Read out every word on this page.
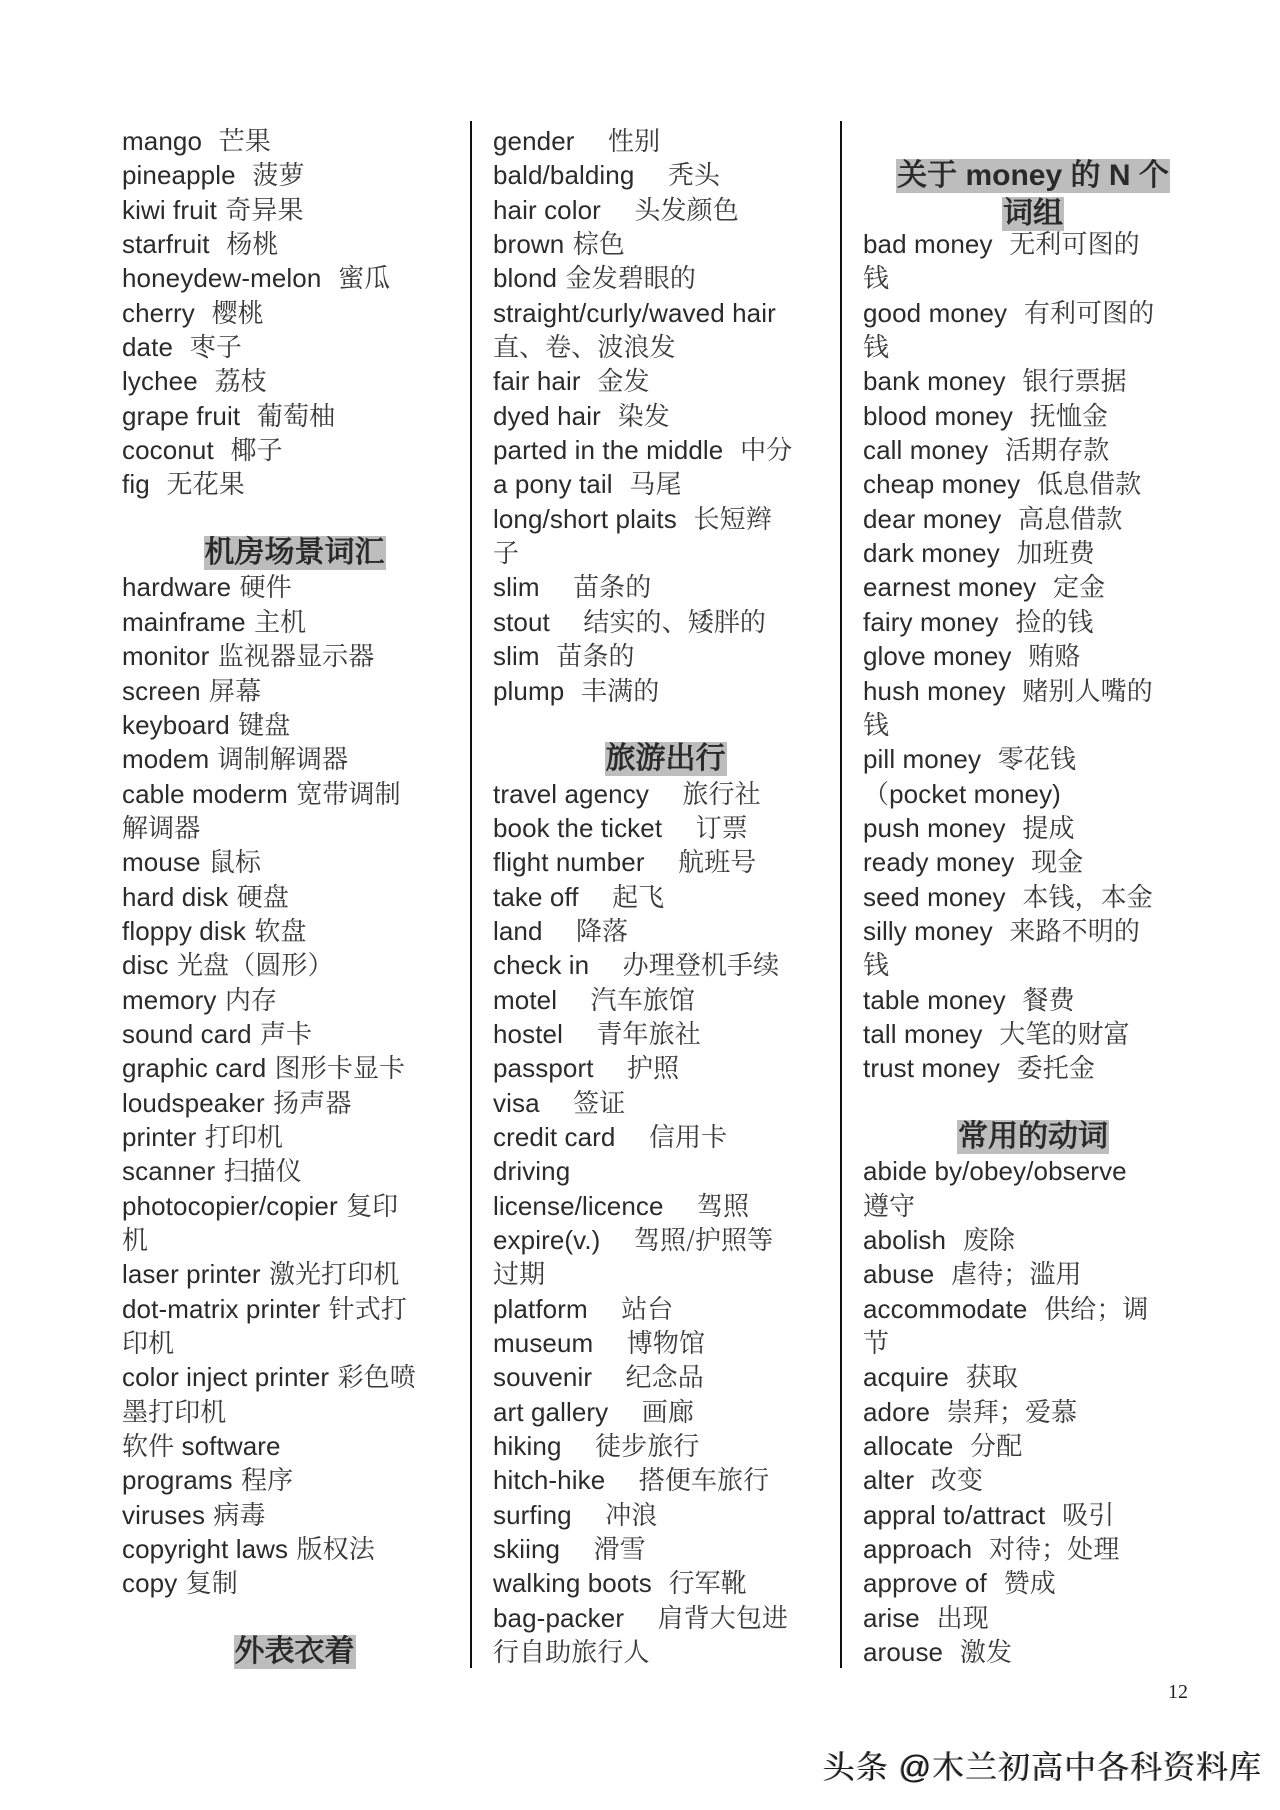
mango  芒果
pineapple  菠萝
kiwi fruit 奇异果
starfruit  杨桃
honeydew-melon  蜜瓜
cherry  樱桃
date  枣子
lychee  荔枝
grape fruit  葡萄柚
coconut  椰子
fig  无花果
机房场景词汇
hardware 硬件
mainframe 主机
monitor 监视器显示器
screen 屏幕
keyboard 键盘
modem 调制解调器
cable moderm 宽带调制
解调器
mouse 鼠标
hard disk 硬盘
floppy disk 软盘
disc 光盘（圆形）
memory 内存
sound card 声卡
graphic card 图形卡显卡
loudspeaker 扬声器
printer 打印机
scanner 扫描仪
photocopier/copier 复印
机
laser printer 激光打印机
dot-matrix printer 针式打
印机
color inject printer 彩色喷
墨打印机
软件 software
programs 程序
viruses 病毒
copyright laws 版权法
copy 复制
外表衣着
gender    性别
bald/balding    秃头
hair color    头发颜色
brown 棕色
blond 金发碧眼的
straight/curly/waved hair
直、卷、波浪发
fair hair  金发
dyed hair  染发
parted in the middle  中分
a pony tail  马尾
long/short plaits  长短辫
子
slim    苗条的
stout    结实的、矮胖的
slim  苗条的
plump  丰满的
旅游出行
travel agency    旅行社
book the ticket    订票
flight number    航班号
take off    起飞
land    降落
check in    办理登机手续
motel    汽车旅馆
hostel    青年旅社
passport    护照
visa    签证
credit card    信用卡
driving
license/licence    驾照
expire(v.)    驾照/护照等
过期
platform    站台
museum    博物馆
souvenir    纪念品
art gallery    画廊
hiking    徒步旅行
hitch-hike    搭便车旅行
surfing    冲浪
skiing    滑雪
walking boots  行军靴
bag-packer    肩背大包进
行自助旅行人
关于 money 的 N 个
词组
bad money  无利可图的
钱
good money  有利可图的
钱
bank money  银行票据
blood money  抚恤金
call money  活期存款
cheap money  低息借款
dear money  高息借款
dark money  加班费
earnest money  定金
fairy money  捡的钱
glove money  贿赂
hush money  赌别人嘴的
钱
pill money  零花钱
（pocket money)
push money  提成
ready money  现金
seed money  本钱，本金
silly money  来路不明的
钱
table money  餐费
tall money  大笔的财富
trust money  委托金
常用的动词
abide by/obey/observe
遵守
abolish  废除
abuse  虐待；滥用
accommodate  供给；调
节
acquire  获取
adore  崇拜；爱慕
allocate  分配
alter  改变
appral to/attract  吸引
approach  对待；处理
approve of  赞成
arise  出现
arouse  激发
12
头条 @木兰初高中各科资料库
